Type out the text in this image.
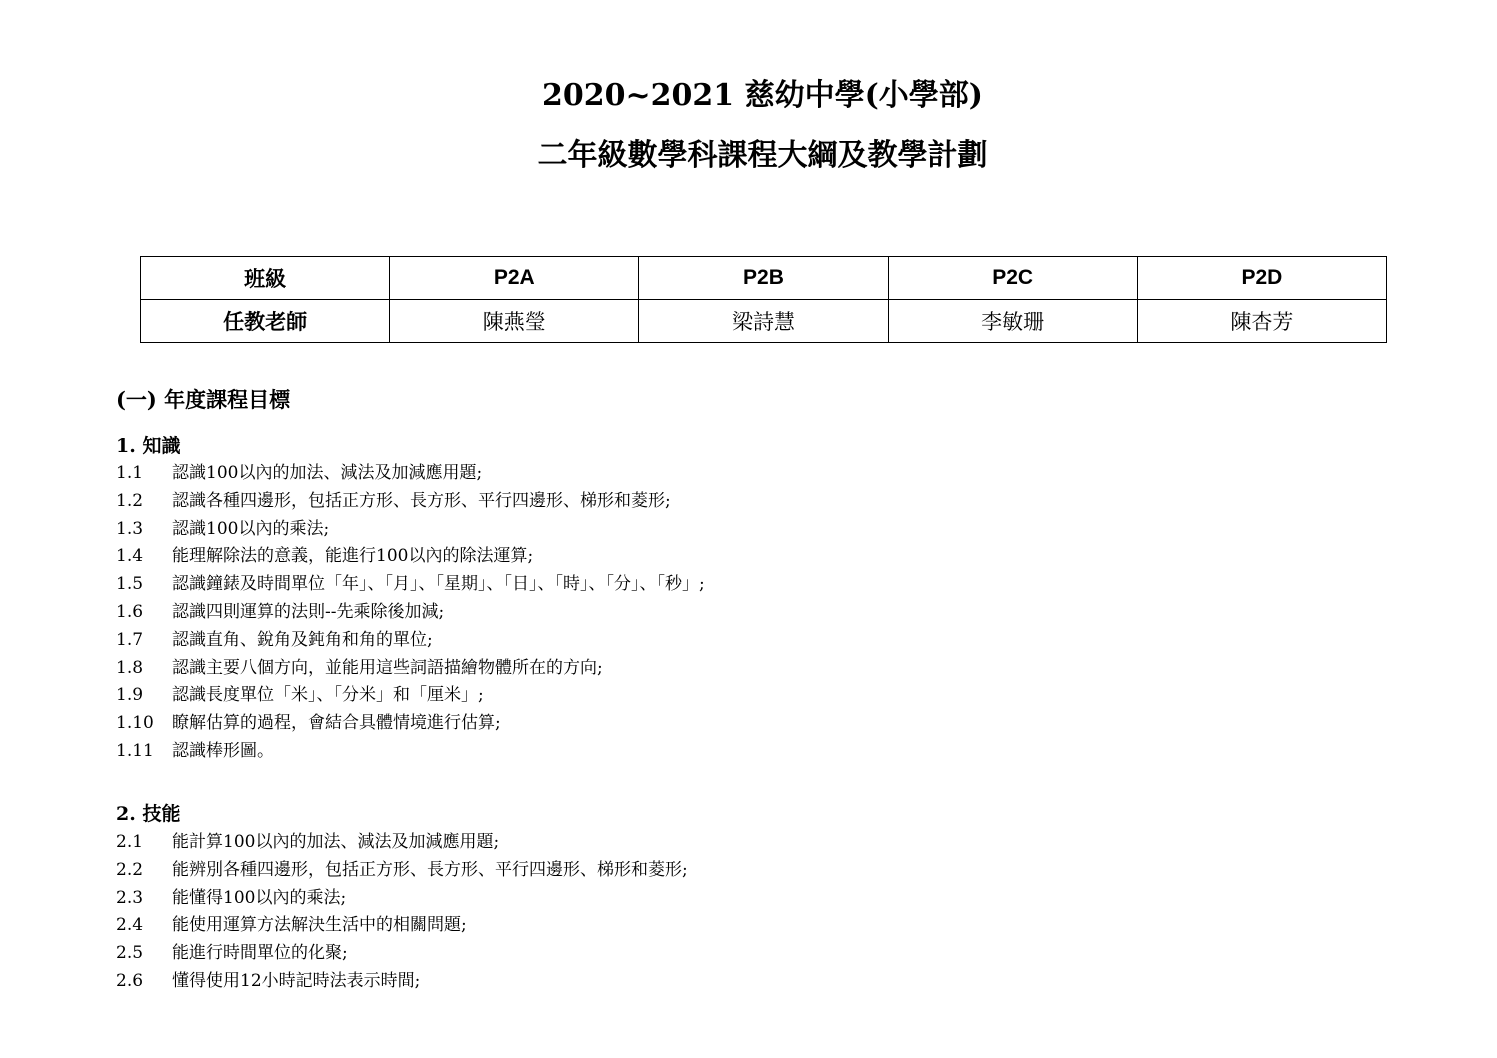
2020~2021 慈幼中學(小學部)
二年級數學科課程大綱及教學計劃
班級	P2A	P2B	P2C	P2D
任教老師	陳燕瑩	梁詩慧	李敏珊	陳杏芳
(一) 年度課程目標
1. 知識
1.1 認識100以內的加法、減法及加減應用題;
1.2 認識各種四邊形，包括正方形、長方形、平行四邊形、梯形和菱形;
1.3 認識100以內的乘法;
1.4 能理解除法的意義，能進行100以內的除法運算;
1.5 認識鐘錶及時間單位「年」、「月」、「星期」、「日」、「時」、「分」、「秒」;
1.6 認識四則運算的法則--先乘除後加減;
1.7 認識直角、銳角及鈍角和角的單位;
1.8 認識主要八個方向，並能用這些詞語描繪物體所在的方向;
1.9 認識長度單位「米」、「分米」和「厘米」;
1.10 瞭解估算的過程，會結合具體情境進行估算;
1.11 認識棒形圖。
2. 技能
2.1 能計算100以內的加法、減法及加減應用題;
2.2 能辨別各種四邊形，包括正方形、長方形、平行四邊形、梯形和菱形;
2.3 能懂得100以內的乘法;
2.4 能使用運算方法解決生活中的相關問題;
2.5 能進行時間單位的化聚;
2.6 懂得使用12小時記時法表示時間;
